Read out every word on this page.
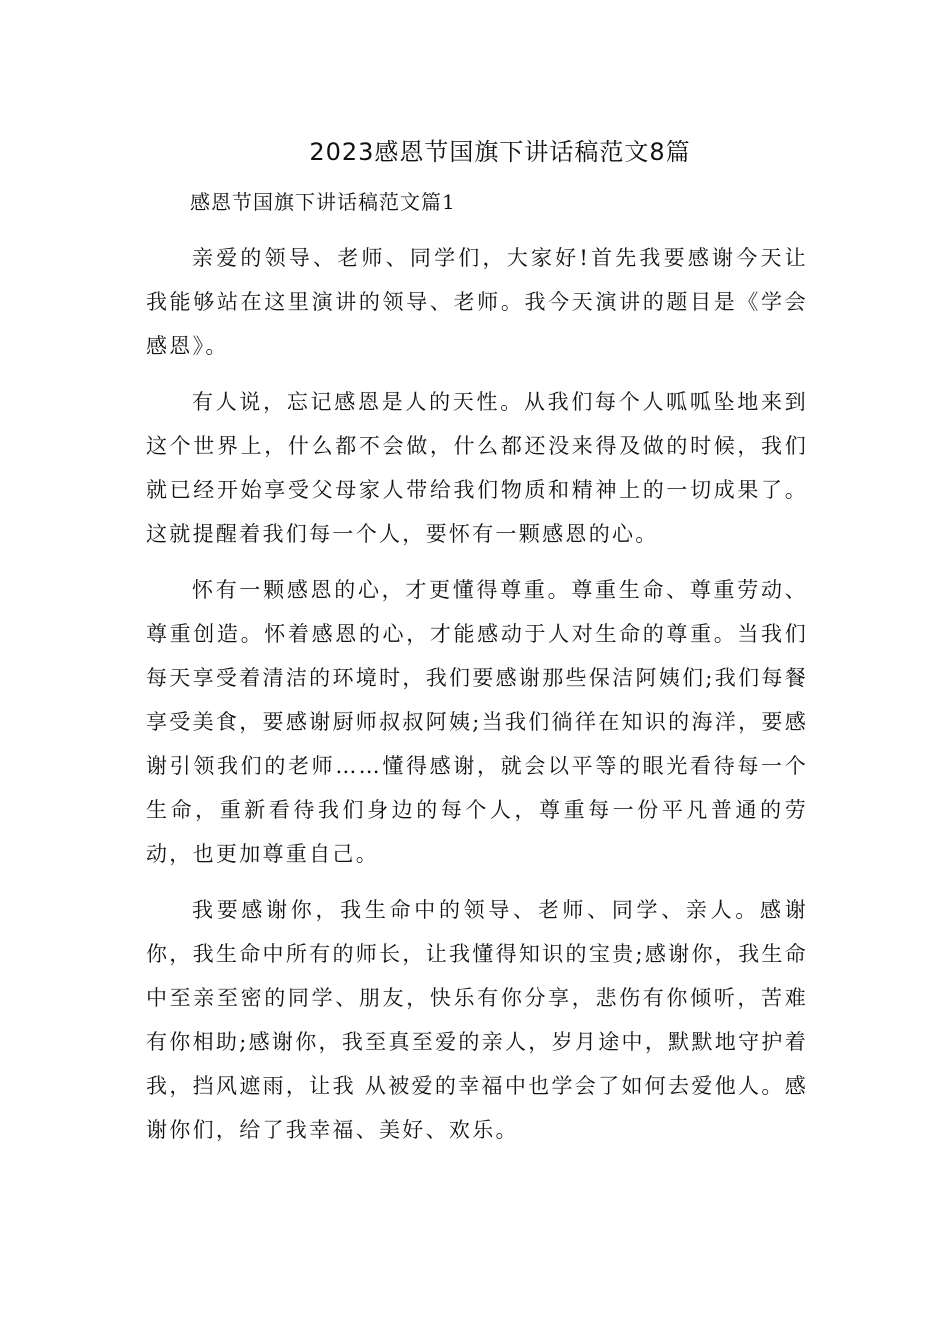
2023感恩节国旗下讲话稿范文8篇

感恩节国旗下讲话稿范文篇1

亲爱的领导、老师、同学们，大家好!首先我要感谢今天让我能够站在这里演讲的领导、老师。我今天演讲的题目是《学会感恩》。

有人说，忘记感恩是人的天性。从我们每个人呱呱坠地来到这个世界上，什么都不会做，什么都还没来得及做的时候，我们就已经开始享受父母家人带给我们物质和精神上的一切成果了。这就提醒着我们每一个人，要怀有一颗感恩的心。

怀有一颗感恩的心，才更懂得尊重。尊重生命、尊重劳动、尊重创造。怀着感恩的心，才能感动于人对生命的尊重。当我们每天享受着清洁的环境时，我们要感谢那些保洁阿姨们;我们每餐享受美食，要感谢厨师叔叔阿姨;当我们徜徉在知识的海洋，要感谢引领我们的老师……懂得感谢，就会以平等的眼光看待每一个生命，重新看待我们身边的每个人，尊重每一份平凡普通的劳动，也更加尊重自己。

我要感谢你，我生命中的领导、老师、同学、亲人。感谢你，我生命中所有的师长，让我懂得知识的宝贵;感谢你，我生命中至亲至密的同学、朋友，快乐有你分享，悲伤有你倾听，苦难有你相助;感谢你，我至真至爱的亲人，岁月途中，默默地守护着我，挡风遮雨，让我 从被爱的幸福中也学会了如何去爱他人。感谢你们，给了我幸福、美好、欢乐。
